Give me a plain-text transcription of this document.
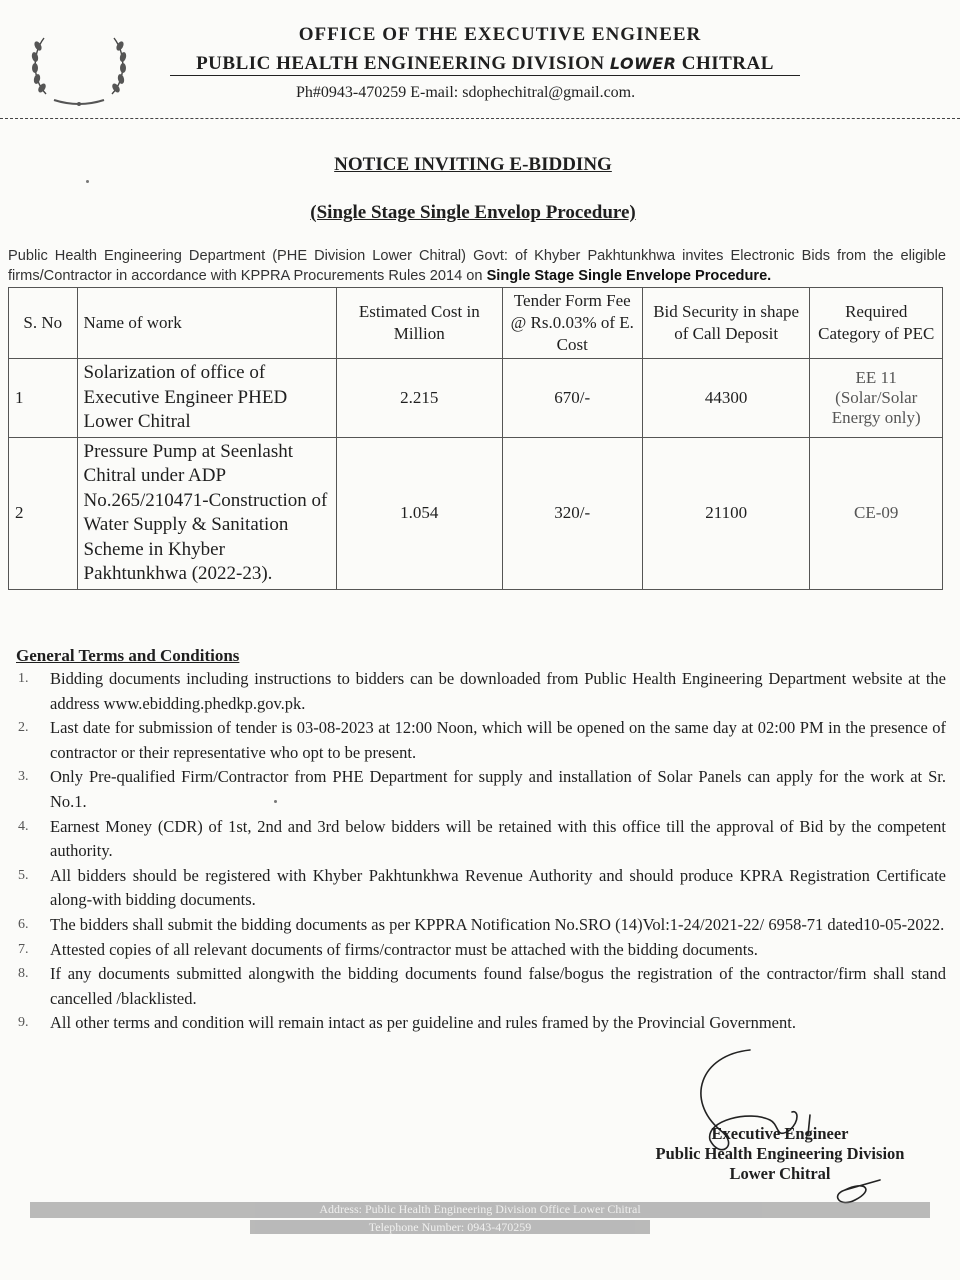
OFFICE OF THE EXECUTIVE ENGINEER
PUBLIC HEALTH ENGINEERING DIVISION LOWER CHITRAL
Ph#0943-470259 E-mail: sdophechitral@gmail.com.
NOTICE INVITING E-BIDDING
(Single Stage Single Envelop Procedure)
Public Health Engineering Department (PHE Division Lower Chitral) Govt: of Khyber Pakhtunkhwa invites Electronic Bids from the eligible firms/Contractor in accordance with KPPRA Procurements Rules 2014 on Single Stage Single Envelope Procedure.
S. No	Name of work	Estimated Cost in Million	Tender Form Fee @ Rs.0.03% of E. Cost	Bid Security in shape of Call Deposit	Required Category of PEC
1	Solarization of office of Executive Engineer PHED Lower Chitral	2.215	670/-	44300	EE 11 (Solar/Solar Energy only)
2	Pressure Pump at Seenlasht Chitral under ADP No.265/210471-Construction of Water Supply & Sanitation Scheme in Khyber Pakhtunkhwa (2022-23).	1.054	320/-	21100	CE-09
General Terms and Conditions
1. Bidding documents including instructions to bidders can be downloaded from Public Health Engineering Department website at the address www.ebidding.phedkp.gov.pk.
2. Last date for submission of tender is 03-08-2023 at 12:00 Noon, which will be opened on the same day at 02:00 PM in the presence of contractor or their representative who opt to be present.
3. Only Pre-qualified Firm/Contractor from PHE Department for supply and installation of Solar Panels can apply for the work at Sr. No.1.
4. Earnest Money (CDR) of 1st, 2nd and 3rd below bidders will be retained with this office till the approval of Bid by the competent authority.
5. All bidders should be registered with Khyber Pakhtunkhwa Revenue Authority and should produce KPRA Registration Certificate along-with bidding documents.
6. The bidders shall submit the bidding documents as per KPPRA Notification No.SRO (14)Vol:1-24/2021-22/ 6958-71 dated10-05-2022.
7. Attested copies of all relevant documents of firms/contractor must be attached with the bidding documents.
8. If any documents submitted alongwith the bidding documents found false/bogus the registration of the contractor/firm shall stand cancelled /blacklisted.
9. All other terms and condition will remain intact as per guideline and rules framed by the Provincial Government.
Executive Engineer
Public Health Engineering Division
Lower Chitral
Address: Public Health Engineering Division Office Lower Chitral
Telephone Number: 0943-470259
